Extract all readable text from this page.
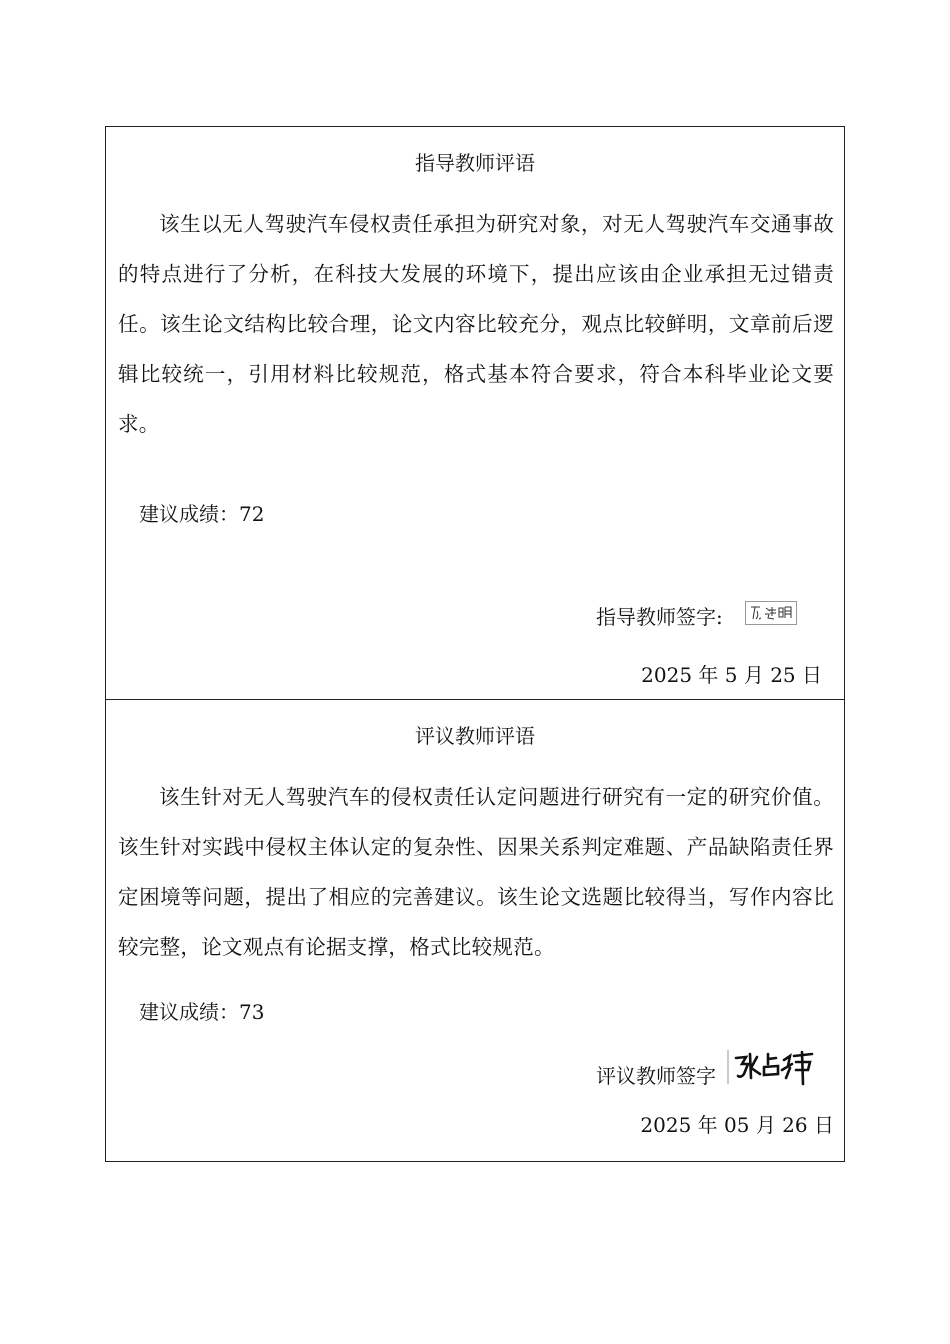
指导教师评语

该生以无人驾驶汽车侵权责任承担为研究对象，对无人驾驶汽车交通事故的特点进行了分析，在科技大发展的环境下，提出应该由企业承担无过错责任。该生论文结构比较合理，论文内容比较充分，观点比较鲜明，文章前后逻辑比较统一，引用材料比较规范，格式基本符合要求，符合本科毕业论文要求。

建议成绩：72
指导教师签字:
2025 年 5 月 25 日
评议教师评语

该生针对无人驾驶汽车的侵权责任认定问题进行研究有一定的研究价值。该生针对实践中侵权主体认定的复杂性、因果关系判定难题、产品缺陷责任界定困境等问题，提出了相应的完善建议。该生论文选题比较得当，写作内容比较完整，论文观点有论据支撑，格式比较规范。

建议成绩：73
评议教师签字
2025 年 05 月 26 日
